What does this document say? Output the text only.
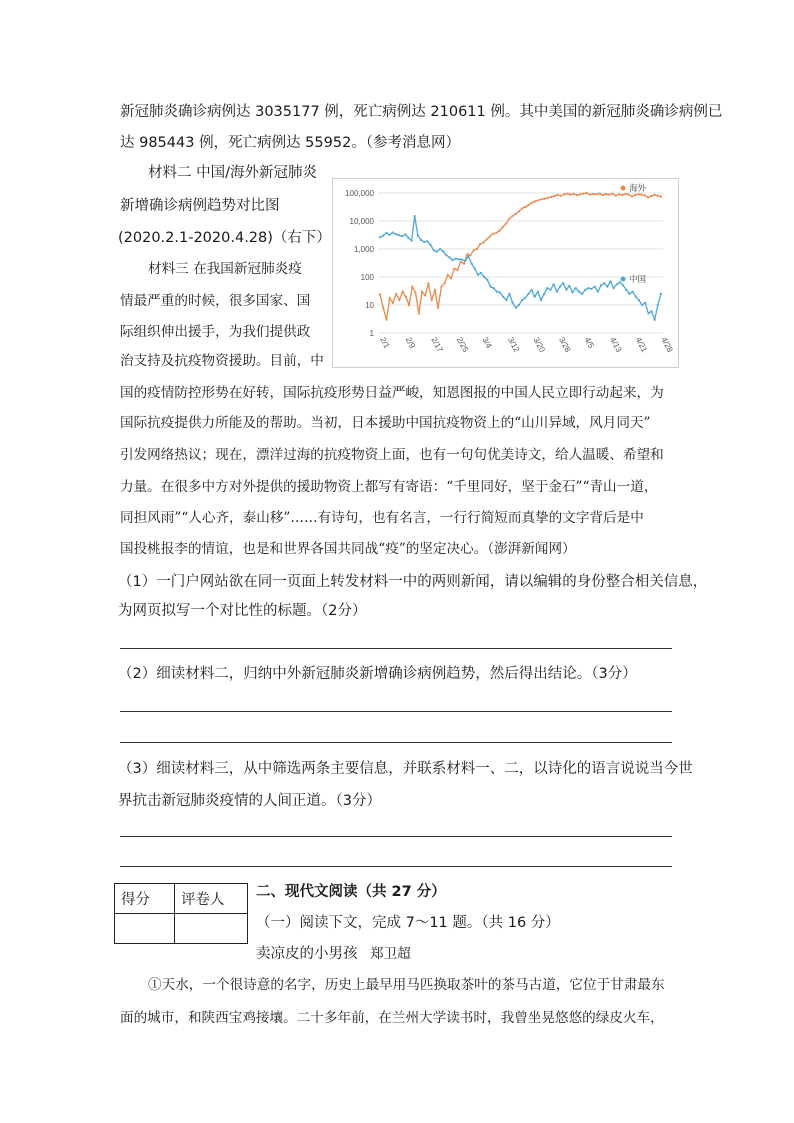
新冠肺炎确诊病例达 3035177 例，死亡病例达 210611 例。其中美国的新冠肺炎确诊病例已
达 985443 例，死亡病例达 55952。（参考消息网）
材料二 中国/海外新冠肺炎
新增确诊病例趋势对比图
(2020.2.1-2020.4.28)（右下）
材料三 在我国新冠肺炎疫
情最严重的时候，很多国家、国
际组织伸出援手，为我们提供政
治支持及抗疫物资援助。目前，中
国的疫情防控形势在好转，国际抗疫形势日益严峻，知恩图报的中国人民立即行动起来，为
国际抗疫提供力所能及的帮助。当初，日本援助中国抗疫物资上的“山川异域，风月同天”
引发网络热议；现在，漂洋过海的抗疫物资上面，也有一句句优美诗文，给人温暖、希望和
力量。在很多中方对外提供的援助物资上都写有寄语：“千里同好，坚于金石”“青山一道，
同担风雨”“人心齐，泰山移”……有诗句，也有名言，一行行简短而真挚的文字背后是中
国投桃报李的情谊，也是和世界各国共同战“疫”的坚定决心。（澎湃新闻网）
1
10
100
1,000
10,000
100,000
2/1 2/9 2/17 2/25 3/4 3/12 3/20 3/28 4/5 4/13 4/21 4/28
海外
中国
（1）一门户网站欲在同一页面上转发材料一中的两则新闻，请以编辑的身份整合相关信息，
为网页拟写一个对比性的标题。（2分）
（2）细读材料二，归纳中外新冠肺炎新增确诊病例趋势，然后得出结论。（3分）
（3）细读材料三，从中筛选两条主要信息，并联系材料一、二，以诗化的语言说说当今世
界抗击新冠肺炎疫情的人间正道。（3分）
得分	评卷人
	二、现代文阅读（共 27 分）
（一）阅读下文，完成 7～11 题。（共 16 分）
卖凉皮的小男孩 郑卫超
①天水，一个很诗意的名字，历史上最早用马匹换取茶叶的茶马古道，它位于甘肃最东
面的城市，和陕西宝鸡接壤。二十多年前，在兰州大学读书时，我曾坐晃悠悠的绿皮火车，
